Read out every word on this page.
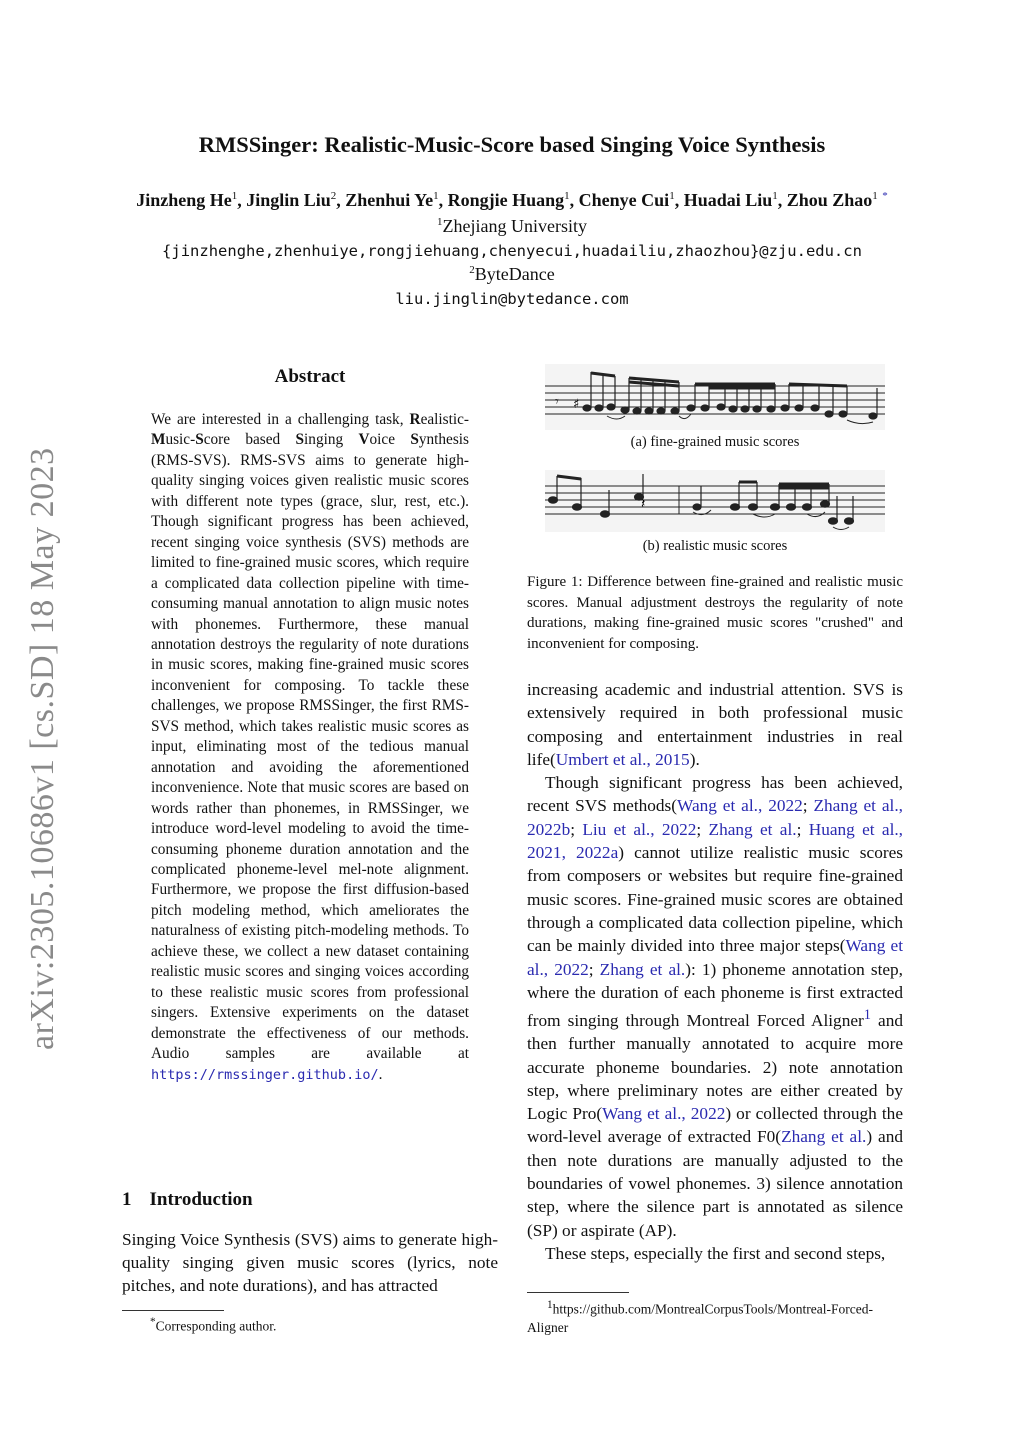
arXiv:2305.10686v1 [cs.SD] 18 May 2023
RMSSinger: Realistic-Music-Score based Singing Voice Synthesis
Jinzheng He$^1$, Jinglin Liu$^2$, Zhenhui Ye$^1$, Rongjie Huang$^1$, Chenye Cui$^1$, Huadai Liu$^1$, Zhou Zhao$^1$ *
$^1$Zhejiang University
{jinzhenghe,zhenhuiye,rongjiehuang,chenyecui,huadailiu,zhaozhou}@zju.edu.cn
$^2$ByteDance
liu.jinglin@bytedance.com
Abstract
We are interested in a challenging task, Realistic-Music-Score based Singing Voice Synthesis (RMS-SVS). RMS-SVS aims to generate high-quality singing voices given realistic music scores with different note types (grace, slur, rest, etc.). Though significant progress has been achieved, recent singing voice synthesis (SVS) methods are limited to fine-grained music scores, which require a complicated data collection pipeline with time-consuming manual annotation to align music notes with phonemes. Furthermore, these manual annotation destroys the regularity of note durations in music scores, making fine-grained music scores inconvenient for composing. To tackle these challenges, we propose RMSSinger, the first RMS-SVS method, which takes realistic music scores as input, eliminating most of the tedious manual annotation and avoiding the aforementioned inconvenience. Note that music scores are based on words rather than phonemes, in RMSSinger, we introduce word-level modeling to avoid the time-consuming phoneme duration annotation and the complicated phoneme-level mel-note alignment. Furthermore, we propose the first diffusion-based pitch modeling method, which ameliorates the naturalness of existing pitch-modeling methods. To achieve these, we collect a new dataset containing realistic music scores and singing voices according to these realistic music scores from professional singers. Extensive experiments on the dataset demonstrate the effectiveness of our methods. Audio samples are available at https://rmssinger.github.io/.
1 Introduction
Singing Voice Synthesis (SVS) aims to generate high-quality singing given music scores (lyrics, note pitches, and note durations), and has attracted
*Corresponding author.
𝄾 ♯
(a) fine-grained music scores
𝄽
(b) realistic music scores
Figure 1: Difference between fine-grained and realistic music scores. Manual adjustment destroys the regularity of note durations, making fine-grained music scores "crushed" and inconvenient for composing.

increasing academic and industrial attention. SVS is extensively required in both professional music composing and entertainment industries in real life(Umbert et al., 2015).

Though significant progress has been achieved, recent SVS methods(Wang et al., 2022; Zhang et al., 2022b; Liu et al., 2022; Zhang et al.; Huang et al., 2021, 2022a) cannot utilize realistic music scores from composers or websites but require fine-grained music scores. Fine-grained music scores are obtained through a complicated data collection pipeline, which can be mainly divided into three major steps(Wang et al., 2022; Zhang et al.): 1) phoneme annotation step, where the duration of each phoneme is first extracted from singing through Montreal Forced Aligner$^1$ and then further manually annotated to acquire more accurate phoneme boundaries. 2) note annotation step, where preliminary notes are either created by Logic Pro(Wang et al., 2022) or collected through the word-level average of extracted F0(Zhang et al.) and then note durations are manually adjusted to the boundaries of vowel phonemes. 3) silence annotation step, where the silence part is annotated as silence (SP) or aspirate (AP).

These steps, especially the first and second steps,

$^1$https://github.com/MontrealCorpusTools/Montreal-Forced- Aligner
